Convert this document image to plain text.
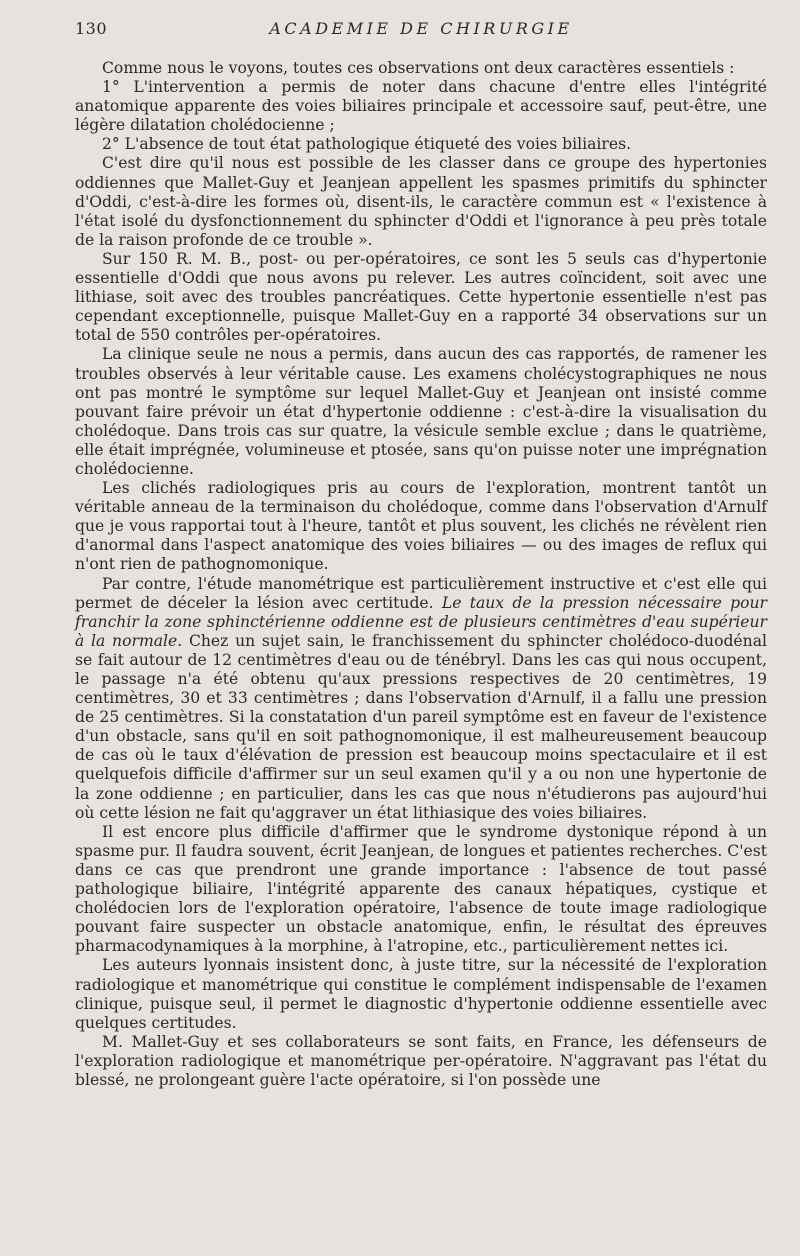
130	ACADEMIE DE CHIRURGIE

Comme nous le voyons, toutes ces observations ont deux caractères essentiels :

1° L'intervention a permis de noter dans chacune d'entre elles l'intégrité anatomique apparente des voies biliaires principale et accessoire sauf, peut-être, une légère dilatation cholédocienne ;

2° L'absence de tout état pathologique étiqueté des voies biliaires.

C'est dire qu'il nous est possible de les classer dans ce groupe des hypertonies oddiennes que Mallet-Guy et Jeanjean appellent les spasmes primitifs du sphincter d'Oddi, c'est-à-dire les formes où, disent-ils, le caractère commun est « l'existence à l'état isolé du dysfonctionnement du sphincter d'Oddi et l'ignorance à peu près totale de la raison profonde de ce trouble ».

Sur 150 R. M. B., post- ou per-opératoires, ce sont les 5 seuls cas d'hypertonie essentielle d'Oddi que nous avons pu relever. Les autres coïncident, soit avec une lithiase, soit avec des troubles pancréatiques. Cette hypertonie essentielle n'est pas cependant exceptionnelle, puisque Mallet-Guy en a rapporté 34 observations sur un total de 550 contrôles per-opératoires.

La clinique seule ne nous a permis, dans aucun des cas rapportés, de ramener les troubles observés à leur véritable cause. Les examens cholécystographiques ne nous ont pas montré le symptôme sur lequel Mallet-Guy et Jeanjean ont insisté comme pouvant faire prévoir un état d'hypertonie oddienne : c'est-à-dire la visualisation du cholédoque. Dans trois cas sur quatre, la vésicule semble exclue ; dans le quatrième, elle était imprégnée, volumineuse et ptosée, sans qu'on puisse noter une imprégnation cholédocienne.

Les clichés radiologiques pris au cours de l'exploration, montrent tantôt un véritable anneau de la terminaison du cholédoque, comme dans l'observation d'Arnulf que je vous rapportai tout à l'heure, tantôt et plus souvent, les clichés ne révèlent rien d'anormal dans l'aspect anatomique des voies biliaires — ou des images de reflux qui n'ont rien de pathognomonique.

Par contre, l'étude manométrique est particulièrement instructive et c'est elle qui permet de déceler la lésion avec certitude. Le taux de la pression nécessaire pour franchir la zone sphinctérienne oddienne est de plusieurs centimètres d'eau supérieur à la normale. Chez un sujet sain, le franchissement du sphincter cholédoco-duodénal se fait autour de 12 centimètres d'eau ou de ténébryl. Dans les cas qui nous occupent, le passage n'a été obtenu qu'aux pressions respectives de 20 centimètres, 19 centimètres, 30 et 33 centimètres ; dans l'observation d'Arnulf, il a fallu une pression de 25 centimètres. Si la constatation d'un pareil symptôme est en faveur de l'existence d'un obstacle, sans qu'il en soit pathognomonique, il est malheureusement beaucoup de cas où le taux d'élévation de pression est beaucoup moins spectaculaire et il est quelquefois difficile d'affirmer sur un seul examen qu'il y a ou non une hypertonie de la zone oddienne ; en particulier, dans les cas que nous n'étudierons pas aujourd'hui où cette lésion ne fait qu'aggraver un état lithiasique des voies biliaires.

Il est encore plus difficile d'affirmer que le syndrome dystonique répond à un spasme pur. Il faudra souvent, écrit Jeanjean, de longues et patientes recherches. C'est dans ce cas que prendront une grande importance : l'absence de tout passé pathologique biliaire, l'intégrité apparente des canaux hépatiques, cystique et cholédocien lors de l'exploration opératoire, l'absence de toute image radiologique pouvant faire suspecter un obstacle anatomique, enfin, le résultat des épreuves pharmacodynamiques à la morphine, à l'atropine, etc., particulièrement nettes ici.

Les auteurs lyonnais insistent donc, à juste titre, sur la nécessité de l'exploration radiologique et manométrique qui constitue le complément indispensable de l'examen clinique, puisque seul, il permet le diagnostic d'hypertonie oddienne essentielle avec quelques certitudes.

M. Mallet-Guy et ses collaborateurs se sont faits, en France, les défenseurs de l'exploration radiologique et manométrique per-opératoire. N'aggravant pas l'état du blessé, ne prolongeant guère l'acte opératoire, si l'on possède une
